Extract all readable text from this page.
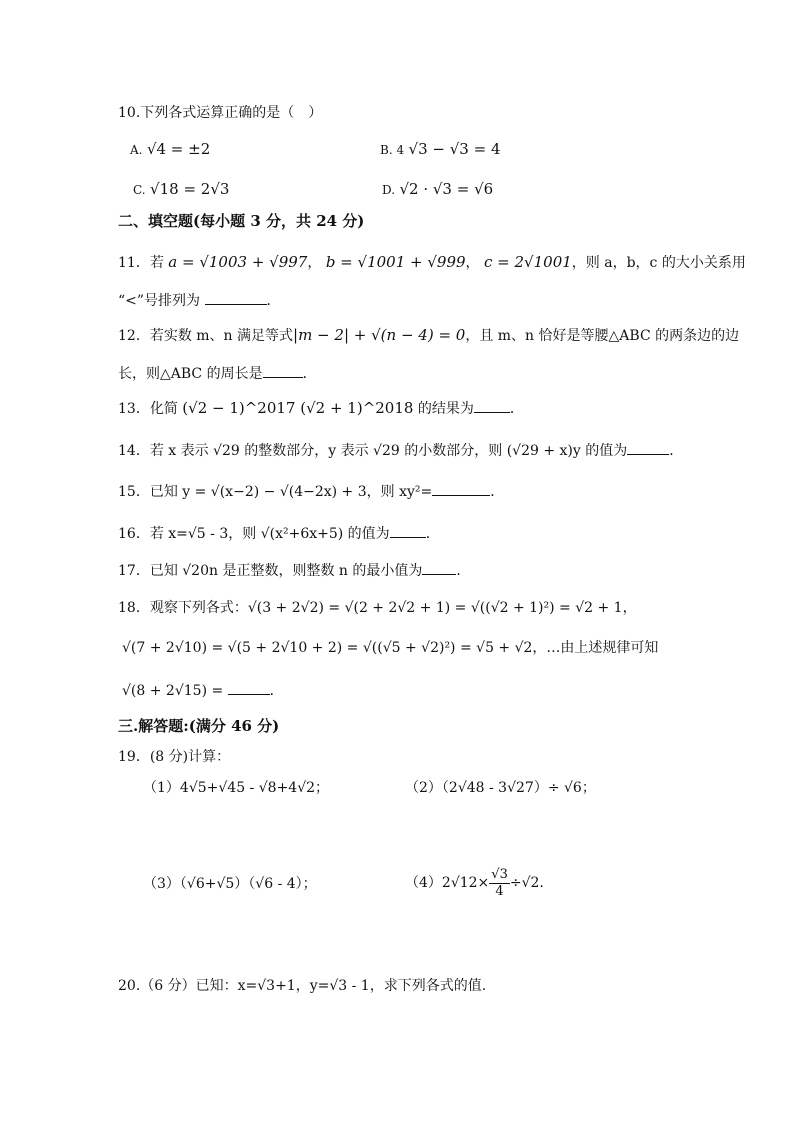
10.下列各式运算正确的是（　）
A. √4 = ±2	B. 4 √3 − √3 = 4
C. √18 = 2√3	D. √2 · √3 = √6
二、填空题(每小题 3 分，共 24 分)
11．若 a = √1003 + √997， b = √1001 + √999， c = 2√1001，则 a，b，c 的大小关系用
“<”号排列为	．
12．若实数 m、n 满足等式|m − 2| + √(n − 4) = 0，且 m、n 恰好是等腰△ABC 的两条边的边
长，则△ABC 的周长是	．
13．化简 (√2 − 1)^2017 (√2 + 1)^2018 的结果为	．
14．若 x 表示 √29 的整数部分，y 表示 √29 的小数部分，则 (√29 + x)y 的值为	．
15．已知 y = √(x−2) − √(4−2x) + 3，则 xy²=	．
16．若 x=√5 - 3，则 √(x²+6x+5) 的值为	．
17．已知 √20n 是正整数，则整数 n 的最小值为 ．
18．观察下列各式：√(3 + 2√2) = √(2 + 2√2 + 1) = √((√2 + 1)²) = √2 + 1，
√(7 + 2√10) = √(5 + 2√10 + 2) = √((√5 + √2)²) = √5 + √2，…由上述规律可知
√(8 + 2√15) =	．
三.解答题:(满分 46 分)
19．(8 分)计算：
（1）4√5+√45 - √8+4√2；	（2）（2√48 - 3√27）÷ √6；
（3）（√6+√5）（√6 - 4）；	$(4)2√12\times \frac{√3}{4} \div√2$.
20.（6 分）已知：x=√3+1，y=√3 - 1，求下列各式的值.
